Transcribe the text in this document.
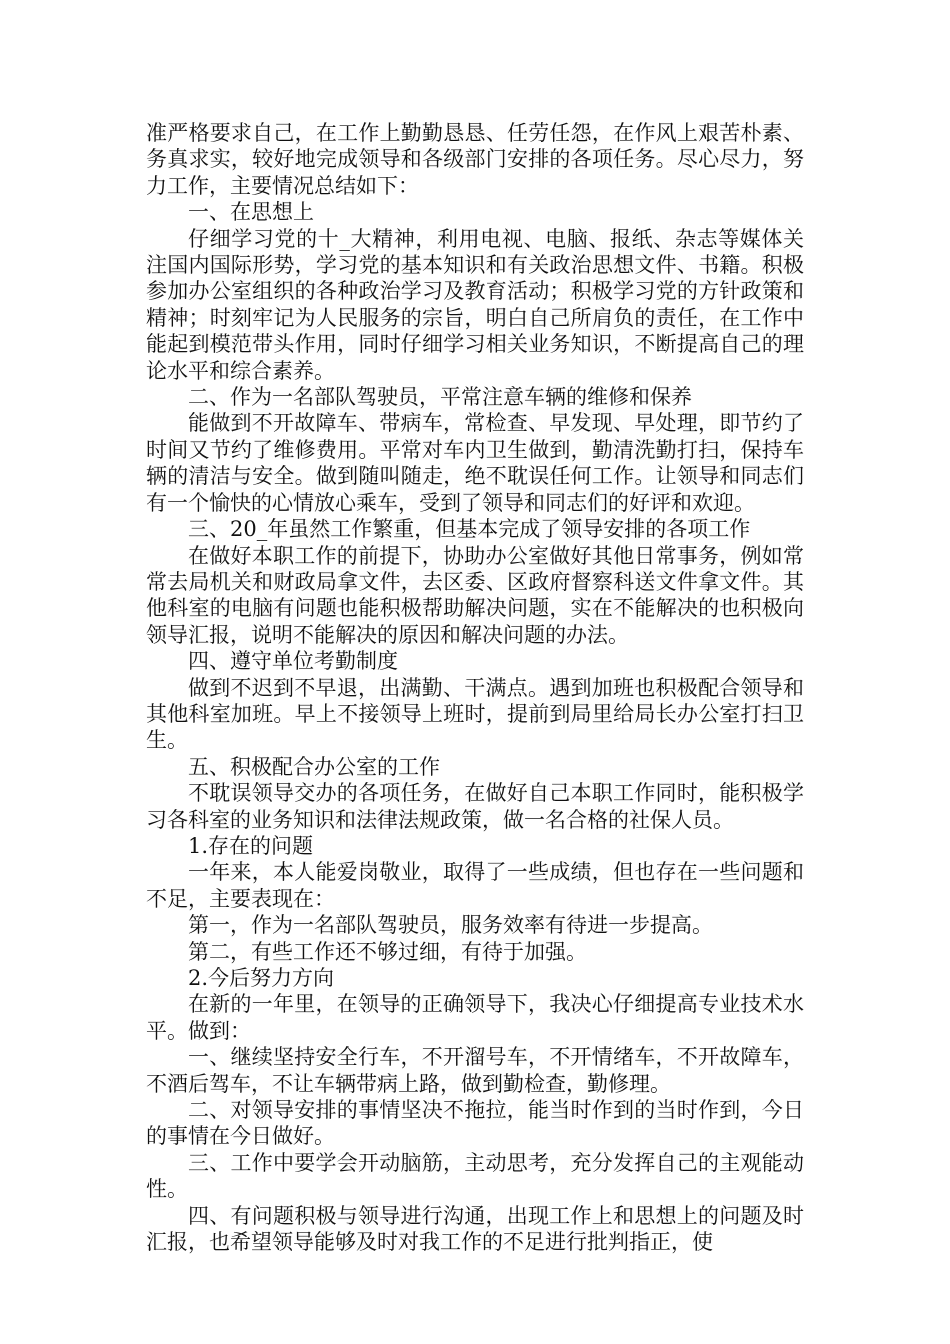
准严格要求自己，在工作上勤勤恳恳、任劳任怨，在作风上艰苦朴素、务真求实，较好地完成领导和各级部门安排的各项任务。尽心尽力，努力工作，主要情况总结如下：

一、在思想上

仔细学习党的十_大精神，利用电视、电脑、报纸、杂志等媒体关注国内国际形势，学习党的基本知识和有关政治思想文件、书籍。积极参加办公室组织的各种政治学习及教育活动；积极学习党的方针政策和精神；时刻牢记为人民服务的宗旨，明白自己所肩负的责任，在工作中能起到模范带头作用，同时仔细学习相关业务知识，不断提高自己的理论水平和综合素养。

二、作为一名部队驾驶员，平常注意车辆的维修和保养

能做到不开故障车、带病车，常检查、早发现、早处理，即节约了时间又节约了维修费用。平常对车内卫生做到，勤清洗勤打扫，保持车辆的清洁与安全。做到随叫随走，绝不耽误任何工作。让领导和同志们有一个愉快的心情放心乘车，受到了领导和同志们的好评和欢迎。

三、20_年虽然工作繁重，但基本完成了领导安排的各项工作

在做好本职工作的前提下，协助办公室做好其他日常事务，例如常常去局机关和财政局拿文件，去区委、区政府督察科送文件拿文件。其他科室的电脑有问题也能积极帮助解决问题，实在不能解决的也积极向领导汇报，说明不能解决的原因和解决问题的办法。

四、遵守单位考勤制度

做到不迟到不早退，出满勤、干满点。遇到加班也积极配合领导和其他科室加班。早上不接领导上班时，提前到局里给局长办公室打扫卫生。

五、积极配合办公室的工作

不耽误领导交办的各项任务，在做好自己本职工作同时，能积极学习各科室的业务知识和法律法规政策，做一名合格的社保人员。

1.存在的问题

一年来，本人能爱岗敬业，取得了一些成绩，但也存在一些问题和不足，主要表现在：

第一，作为一名部队驾驶员，服务效率有待进一步提高。

第二，有些工作还不够过细，有待于加强。

2.今后努力方向

在新的一年里，在领导的正确领导下，我决心仔细提高专业技术水平。做到：

一、继续坚持安全行车，不开溜号车，不开情绪车，不开故障车，不酒后驾车，不让车辆带病上路，做到勤检查，勤修理。

二、对领导安排的事情坚决不拖拉，能当时作到的当时作到，今日的事情在今日做好。

三、工作中要学会开动脑筋，主动思考，充分发挥自己的主观能动性。

四、有问题积极与领导进行沟通，出现工作上和思想上的问题及时汇报，也希望领导能够及时对我工作的不足进行批判指正，使
